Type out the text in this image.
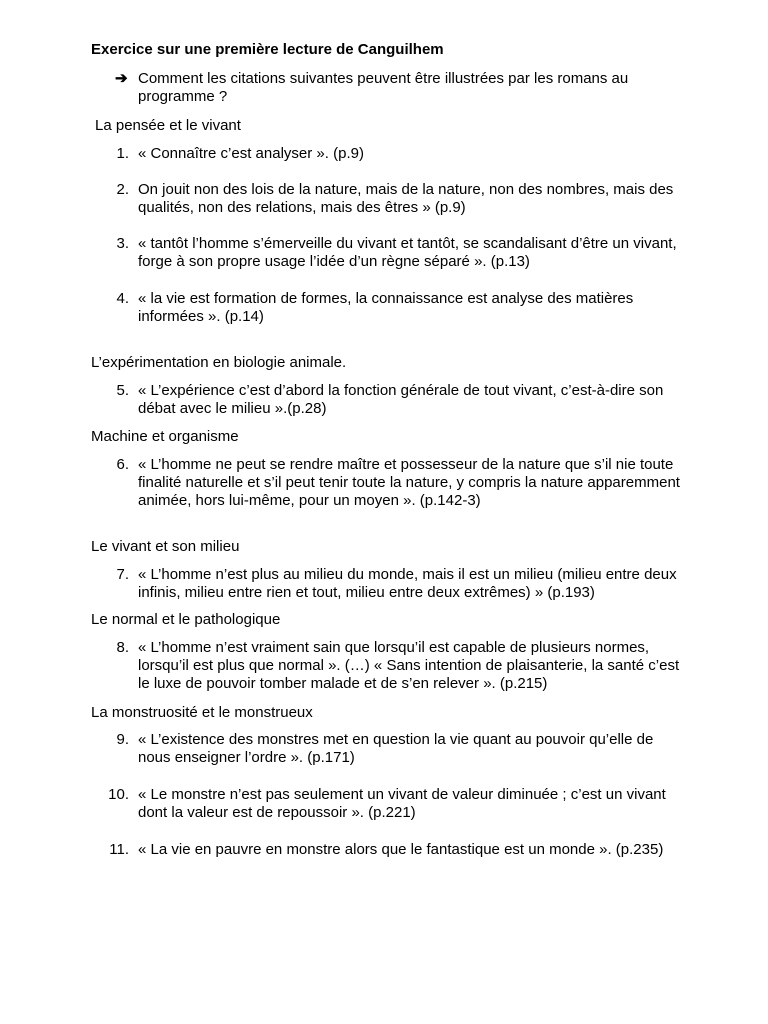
Exercice sur une première lecture de Canguilhem
➔ Comment les citations suivantes peuvent être illustrées par les romans au programme ?
La pensée et le vivant
1. « Connaître c’est analyser ». (p.9)
2. On jouit non des lois de la nature, mais de la nature, non des nombres, mais des qualités, non des relations, mais des êtres » (p.9)
3. « tantôt l’homme s’émerveille du vivant et tantôt, se scandalisant d’être un vivant, forge à son propre usage l’idée d’un règne séparé ». (p.13)
4. « la vie est formation de formes, la connaissance est analyse des matières informées ». (p.14)
L’expérimentation en biologie animale.
5. « L’expérience c’est d’abord la fonction générale de tout vivant, c’est-à-dire son débat avec le milieu ».(p.28)
Machine et organisme
6. « L’homme ne peut se rendre maître et possesseur de la nature que s’il nie toute finalité naturelle et s’il peut tenir toute la nature, y compris la nature apparemment animée, hors lui-même, pour un moyen ». (p.142-3)
Le vivant et son milieu
7. « L’homme n’est plus au milieu du monde, mais il est un milieu (milieu entre deux infinis, milieu entre rien et tout, milieu entre deux extrêmes) » (p.193)
Le normal et le pathologique
8. « L’homme n’est vraiment sain que lorsqu’il est capable de plusieurs normes, lorsqu’il est plus que normal ». (…) « Sans intention de plaisanterie, la santé c’est le luxe de pouvoir tomber malade et de s’en relever ». (p.215)
La monstruosité et le monstrueux
9. « L’existence des monstres met en question la vie quant au pouvoir qu’elle de nous enseigner l’ordre ». (p.171)
10. « Le monstre n’est pas seulement un vivant de valeur diminuée ; c’est un vivant dont la valeur est de repoussoir ». (p.221)
11. « La vie en pauvre en monstre alors que le fantastique est un monde ». (p.235)
